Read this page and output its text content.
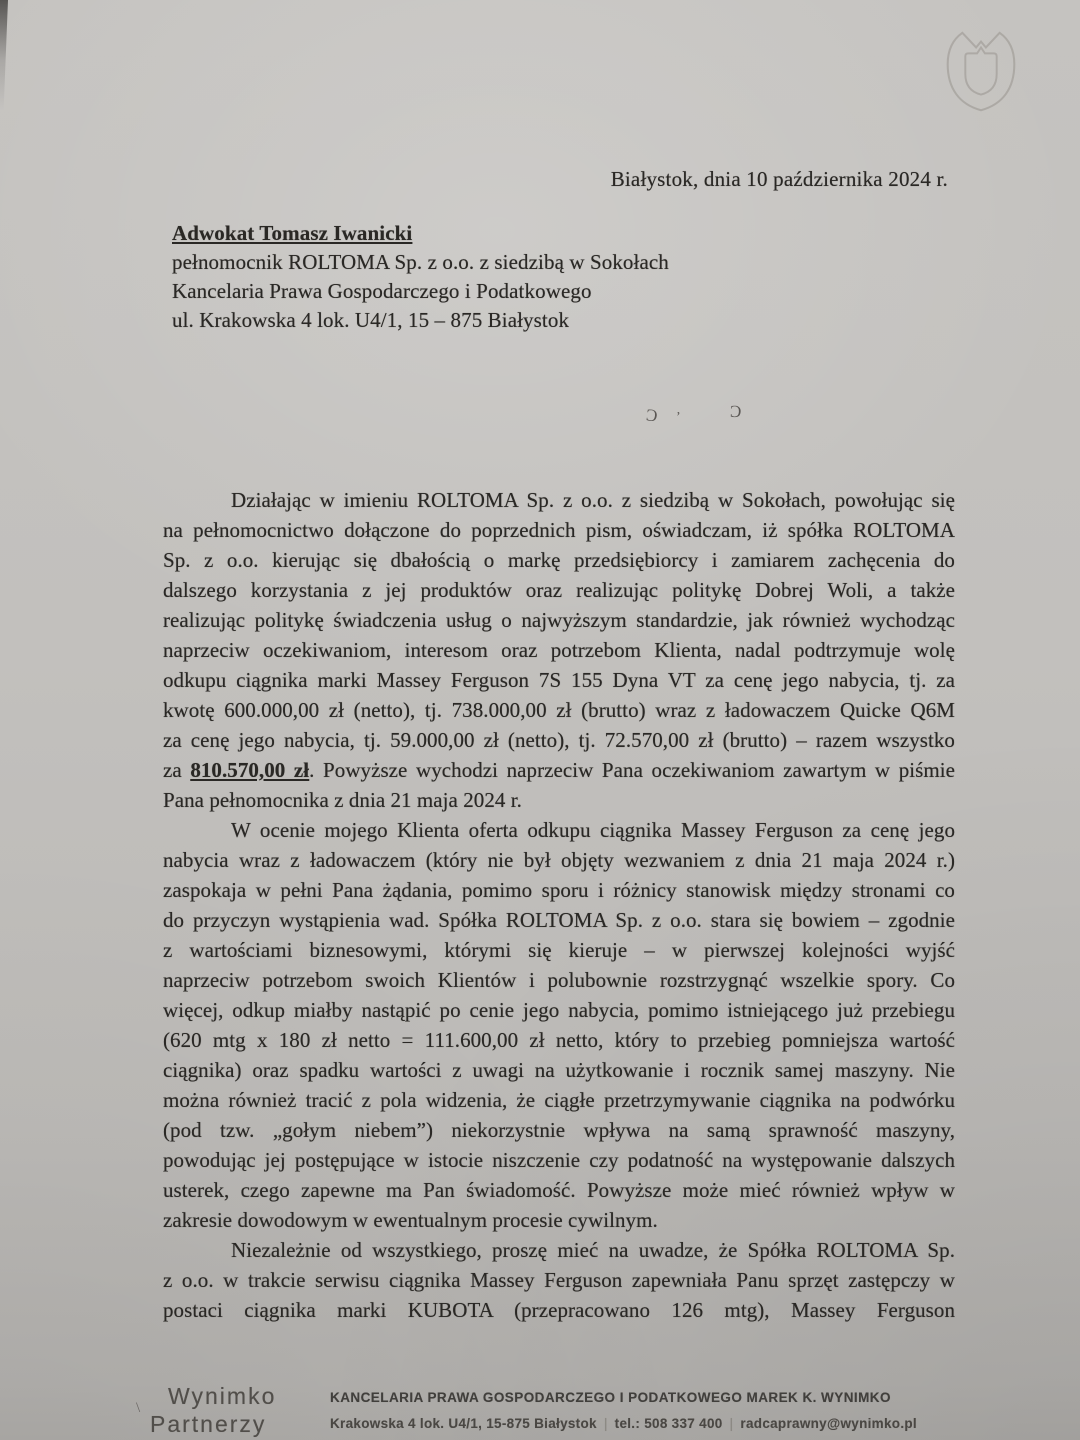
Białystok, dnia 10 października 2024 r.
Adwokat Tomasz Iwanicki
pełnomocnik ROLTOMA Sp. z o.o. z siedzibą w Sokołach
Kancelaria Prawa Gospodarczego i Podatkowego
ul. Krakowska 4 lok. U4/1, 15 – 875 Białystok
Ɔ ’	Ɔ
\
Działając w imieniu ROLTOMA Sp. z o.o. z siedzibą w Sokołach, powołując się
na pełnomocnictwo dołączone do poprzednich pism, oświadczam, iż spółka ROLTOMA
Sp. z o.o. kierując się dbałością o markę przedsiębiorcy i zamiarem zachęcenia do
dalszego korzystania z jej produktów oraz realizując politykę Dobrej Woli, a także
realizując politykę świadczenia usług o najwyższym standardzie, jak również wychodząc
naprzeciw oczekiwaniom, interesom oraz potrzebom Klienta, nadal podtrzymuje wolę
odkupu ciągnika marki Massey Ferguson 7S 155 Dyna VT za cenę jego nabycia, tj. za
kwotę 600.000,00 zł (netto), tj. 738.000,00 zł (brutto) wraz z ładowaczem Quicke Q6M
za cenę jego nabycia, tj. 59.000,00 zł (netto), tj. 72.570,00 zł (brutto) – razem wszystko
za 810.570,00 zł. Powyższe wychodzi naprzeciw Pana oczekiwaniom zawartym w piśmie
Pana pełnomocnika z dnia 21 maja 2024 r.
W ocenie mojego Klienta oferta odkupu ciągnika Massey Ferguson za cenę jego
nabycia wraz z ładowaczem (który nie był objęty wezwaniem z dnia 21 maja 2024 r.)
zaspokaja w pełni Pana żądania, pomimo sporu i różnicy stanowisk między stronami co
do przyczyn wystąpienia wad. Spółka ROLTOMA Sp. z o.o. stara się bowiem – zgodnie
z wartościami biznesowymi, którymi się kieruje – w pierwszej kolejności wyjść
naprzeciw potrzebom swoich Klientów i polubownie rozstrzygnąć wszelkie spory. Co
więcej, odkup miałby nastąpić po cenie jego nabycia, pomimo istniejącego już przebiegu
(620 mtg x 180 zł netto = 111.600,00 zł netto, który to przebieg pomniejsza wartość
ciągnika) oraz spadku wartości z uwagi na użytkowanie i rocznik samej maszyny. Nie
można również tracić z pola widzenia, że ciągłe przetrzymywanie ciągnika na podwórku
(pod tzw. „gołym niebem”) niekorzystnie wpływa na samą sprawność maszyny,
powodując jej postępujące w istocie niszczenie czy podatność na występowanie dalszych
usterek, czego zapewne ma Pan świadomość. Powyższe może mieć również wpływ w
zakresie dowodowym w ewentualnym procesie cywilnym.
Niezależnie od wszystkiego, proszę mieć na uwadze, że Spółka ROLTOMA Sp.
z o.o. w trakcie serwisu ciągnika Massey Ferguson zapewniała Panu sprzęt zastępczy w
postaci ciągnika marki KUBOTA (przepracowano 126 mtg), Massey Ferguson
Wynimko
Partnerzy
KANCELARIA PRAWA GOSPODARCZEGO I PODATKOWEGO MAREK K. WYNIMKO
Krakowska 4 lok. U4/1, 15-875 Białystok | tel.: 508 337 400 | radcaprawny@wynimko.pl
